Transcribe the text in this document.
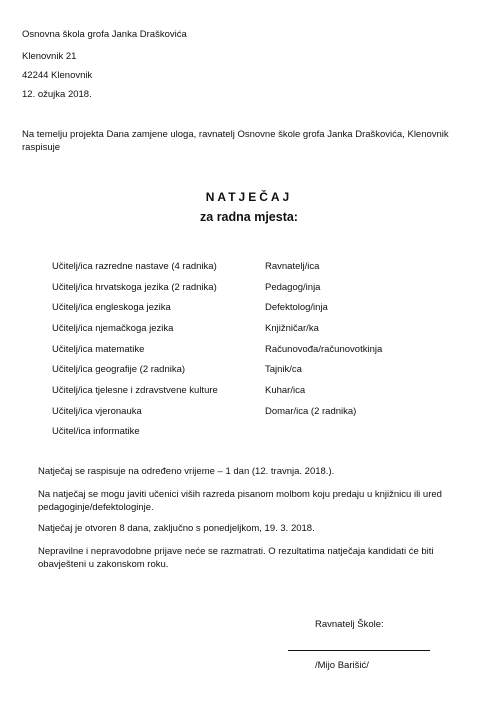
Osnovna škola grofa Janka Draškovića
Klenovnik 21
42244 Klenovnik
12. ožujka 2018.
Na temelju projekta Dana zamjene uloga, ravnatelj Osnovne škole grofa Janka Draškovića, Klenovnik raspisuje
NATJEČAJ
za radna mjesta:
Učitelj/ica razredne nastave (4 radnika)
Učitelj/ica hrvatskoga jezika (2 radnika)
Učitelj/ica engleskoga jezika
Učitelj/ica njemačkoga jezika
Učitelj/ica matematike
Učitelj/ica geografije (2 radnika)
Učitelj/ica tjelesne i zdravstvene kulture
Učitelj/ica vjeronauka
Učitel/ica informatike
Ravnatelj/ica
Pedagog/inja
Defektolog/inja
Knjižničar/ka
Računovođa/računovotkinja
Tajnik/ca
Kuhar/ica
Domar/ica (2 radnika)
Natječaj se raspisuje na određeno vrijeme – 1 dan (12. travnja. 2018.).
Na natječaj se mogu javiti učenici viših razreda pisanom molbom koju predaju u knjižnicu ili ured pedagoginje/defektologinje.
Natječaj je otvoren 8 dana, zaključno s ponedjeljkom, 19. 3. 2018.
Nepravilne i nepravodobne prijave neće se razmatrati. O rezultatima natječaja kandidati će biti obavješteni u zakonskom roku.
Ravnatelj Škole:
/Mijo Barišić/
